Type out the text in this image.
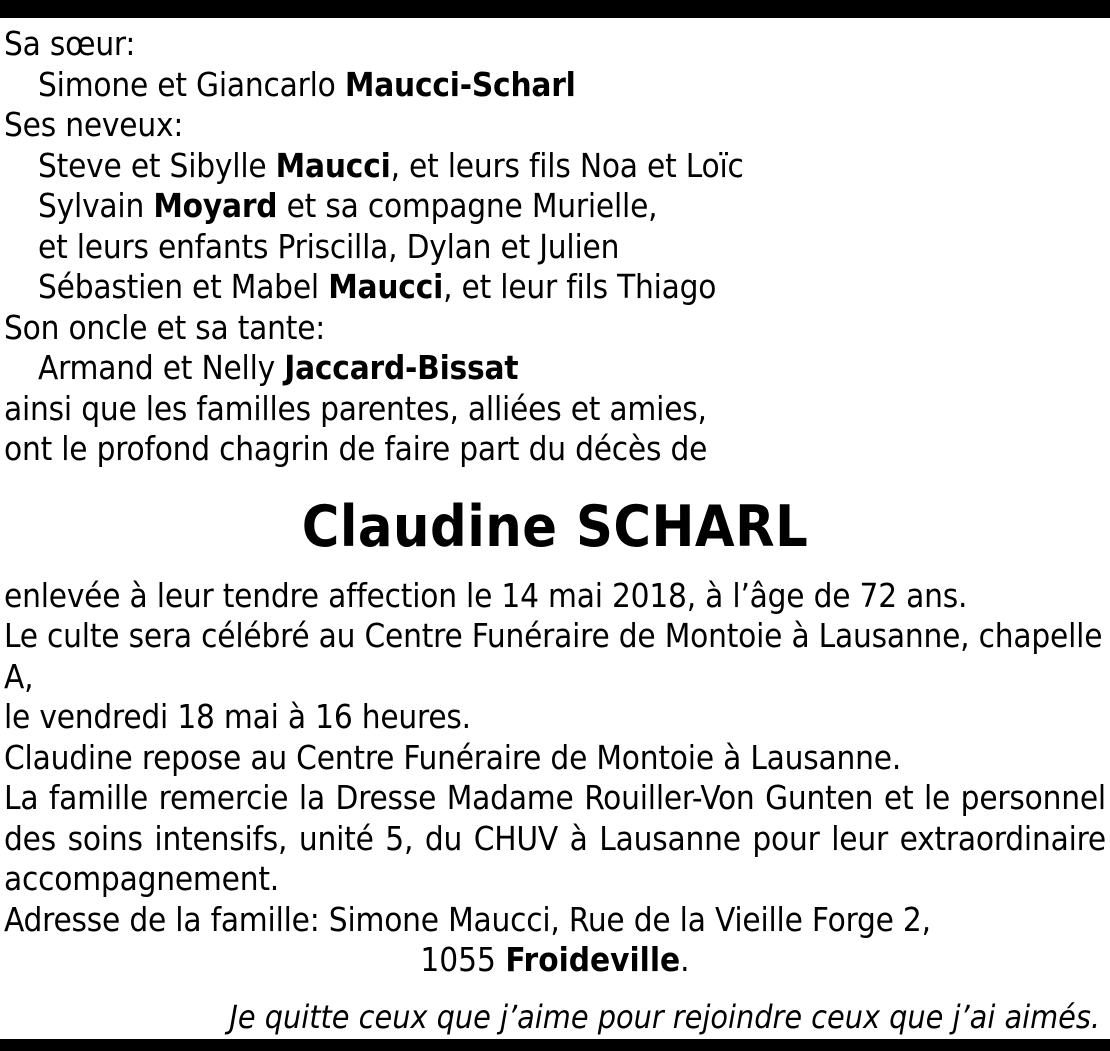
Sa sœur:
Simone et Giancarlo Maucci-Scharl
Ses neveux:
Steve et Sibylle Maucci, et leurs fils Noa et Loïc
Sylvain Moyard et sa compagne Murielle,
et leurs enfants Priscilla, Dylan et Julien
Sébastien et Mabel Maucci, et leur fils Thiago
Son oncle et sa tante:
Armand et Nelly Jaccard-Bissat
ainsi que les familles parentes, alliées et amies,
ont le profond chagrin de faire part du décès de
Claudine SCHARL
enlevée à leur tendre affection le 14 mai 2018, à l’âge de 72 ans.
Le culte sera célébré au Centre Funéraire de Montoie à Lausanne, chapelle A,
le vendredi 18 mai à 16 heures.
Claudine repose au Centre Funéraire de Montoie à Lausanne.
La famille remercie la Dresse Madame Rouiller-Von Gunten et le personnel des soins intensifs, unité 5, du CHUV à Lausanne pour leur extraordinaire accompagnement.
Adresse de la famille: Simone Maucci, Rue de la Vieille Forge 2,
1055 Froideville.
Je quitte ceux que j’aime pour rejoindre ceux que j’ai aimés.
